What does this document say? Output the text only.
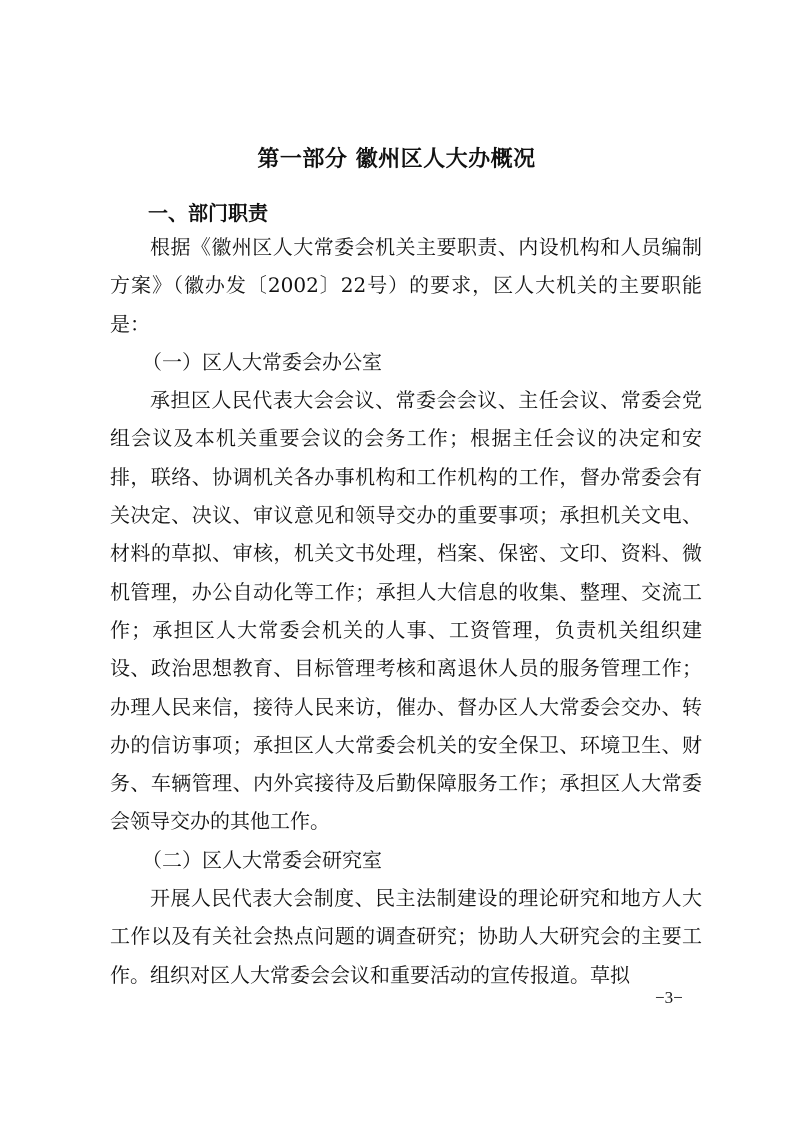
第一部分 徽州区人大办概况
一、部门职责

根据《徽州区人大常委会机关主要职责、内设机构和人员编制方案》（徽办发〔2002〕22号）的要求，区人大机关的主要职能是：

（一）区人大常委会办公室

承担区人民代表大会会议、常委会会议、主任会议、常委会党组会议及本机关重要会议的会务工作；根据主任会议的决定和安排，联络、协调机关各办事机构和工作机构的工作，督办常委会有关决定、决议、审议意见和领导交办的重要事项；承担机关文电、材料的草拟、审核，机关文书处理，档案、保密、文印、资料、微机管理，办公自动化等工作；承担人大信息的收集、整理、交流工作；承担区人大常委会机关的人事、工资管理，负责机关组织建设、政治思想教育、目标管理考核和离退休人员的服务管理工作；办理人民来信，接待人民来访，催办、督办区人大常委会交办、转办的信访事项；承担区人大常委会机关的安全保卫、环境卫生、财务、车辆管理、内外宾接待及后勤保障服务工作；承担区人大常委会领导交办的其他工作。

（二）区人大常委会研究室

开展人民代表大会制度、民主法制建设的理论研究和地方人大工作以及有关社会热点问题的调查研究；协助人大研究会的主要工作。组织对区人大常委会会议和重要活动的宣传报道。草拟

−3−
